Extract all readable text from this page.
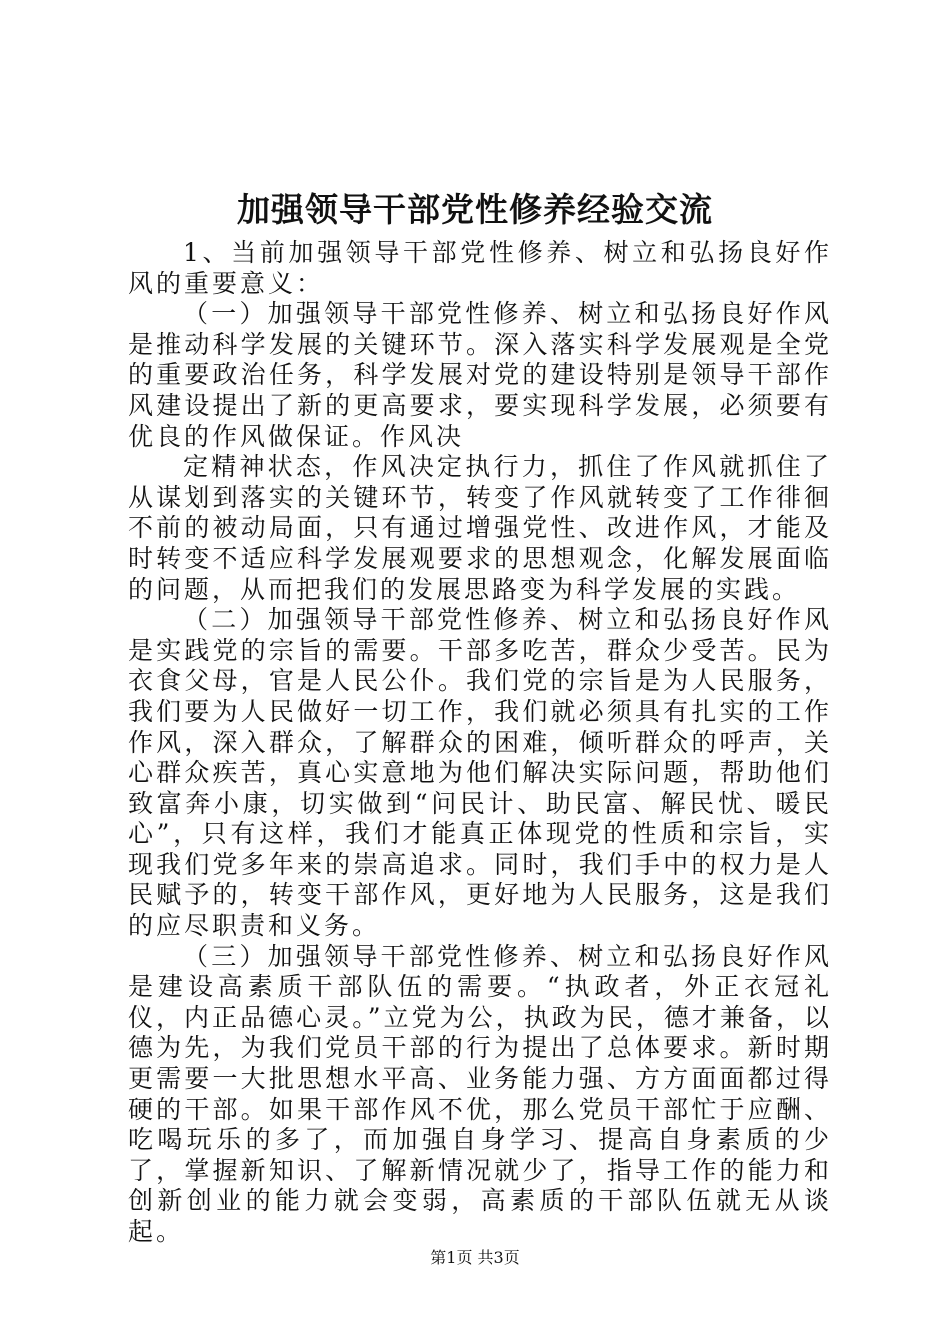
加强领导干部党性修养经验交流

1、当前加强领导干部党性修养、树立和弘扬良好作风的重要意义：

（一）加强领导干部党性修养、树立和弘扬良好作风是推动科学发展的关键环节。深入落实科学发展观是全党的重要政治任务，科学发展对党的建设特别是领导干部作风建设提出了新的更高要求，要实现科学发展，必须要有优良的作风做保证。作风决

定精神状态，作风决定执行力，抓住了作风就抓住了从谋划到落实的关键环节，转变了作风就转变了工作徘徊不前的被动局面，只有通过增强党性、改进作风，才能及时转变不适应科学发展观要求的思想观念，化解发展面临的问题，从而把我们的发展思路变为科学发展的实践。

（二）加强领导干部党性修养、树立和弘扬良好作风是实践党的宗旨的需要。干部多吃苦，群众少受苦。民为衣食父母，官是人民公仆。我们党的宗旨是为人民服务，我们要为人民做好一切工作，我们就必须具有扎实的工作作风，深入群众，了解群众的困难，倾听群众的呼声，关心群众疾苦，真心实意地为他们解决实际问题，帮助他们致富奔小康，切实做到“问民计、助民富、解民忧、暖民心”，只有这样，我们才能真正体现党的性质和宗旨，实现我们党多年来的崇高追求。同时，我们手中的权力是人民赋予的，转变干部作风，更好地为人民服务，这是我们的应尽职责和义务。

（三）加强领导干部党性修养、树立和弘扬良好作风是建设高素质干部队伍的需要。“执政者，外正衣冠礼仪，内正品德心灵。”立党为公，执政为民，德才兼备，以德为先，为我们党员干部的行为提出了总体要求。新时期更需要一大批思想水平高、业务能力强、方方面面都过得硬的干部。如果干部作风不优，那么党员干部忙于应酬、吃喝玩乐的多了，而加强自身学习、提高自身素质的少了，掌握新知识、了解新情况就少了，指导工作的能力和创新创业的能力就会变弱，高素质的干部队伍就无从谈起。

第1页 共3页
